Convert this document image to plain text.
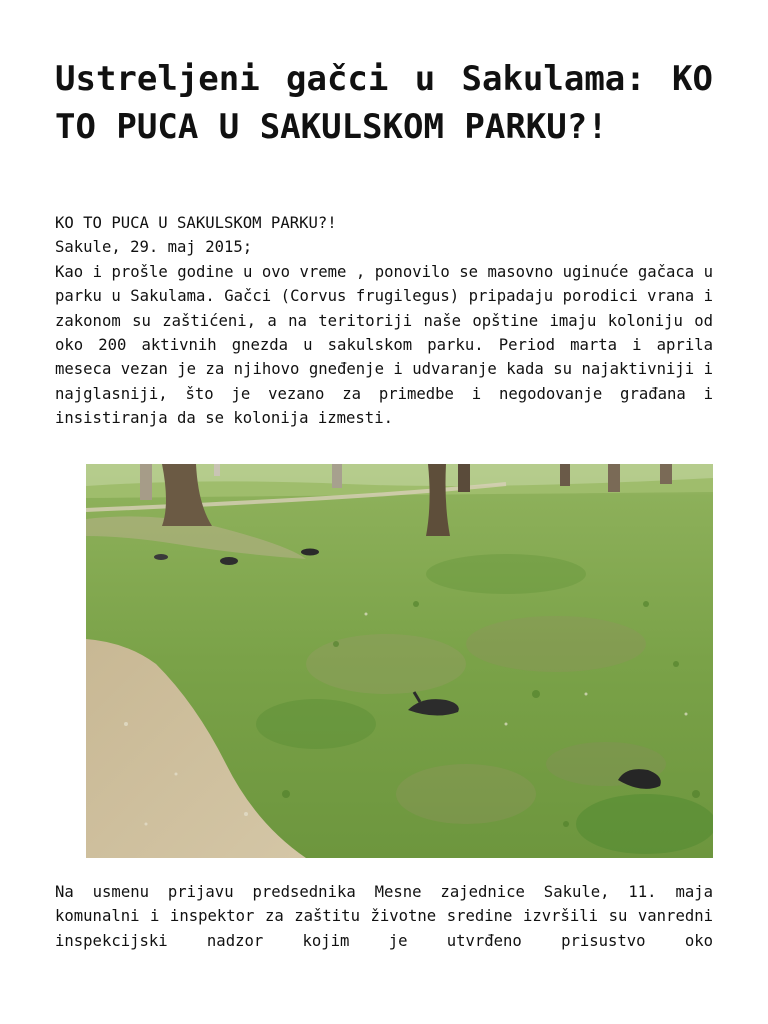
Ustreljeni gačci u Sakulama: KO TO PUCA U SAKULSKOM PARKU?!

KO TO PUCA U SAKULSKOM PARKU?!

Sakule, 29. maj 2015;

Kao i prošle godine u ovo vreme , ponovilo se masovno uginuće gačaca u parku u Sakulama. Gačci (Corvus frugilegus) pripadaju porodici vrana i zakonom su zaštićeni, a na teritoriji naše opštine imaju koloniju od oko 200 aktivnih gnezda u sakulskom parku. Period marta i aprila meseca vezan je za njihovo gneđenje i udvaranje kada su najaktivniji i najglasniji, što je vezano za primedbe i negodovanje građana i insistiranja da se kolonija izmesti.

Na usmenu prijavu predsednika Mesne zajednice Sakule, 11. maja komunalni i inspektor za zaštitu životne sredine izvršili su vanredni inspekcijski nadzor kojim je utvrđeno prisustvo oko
